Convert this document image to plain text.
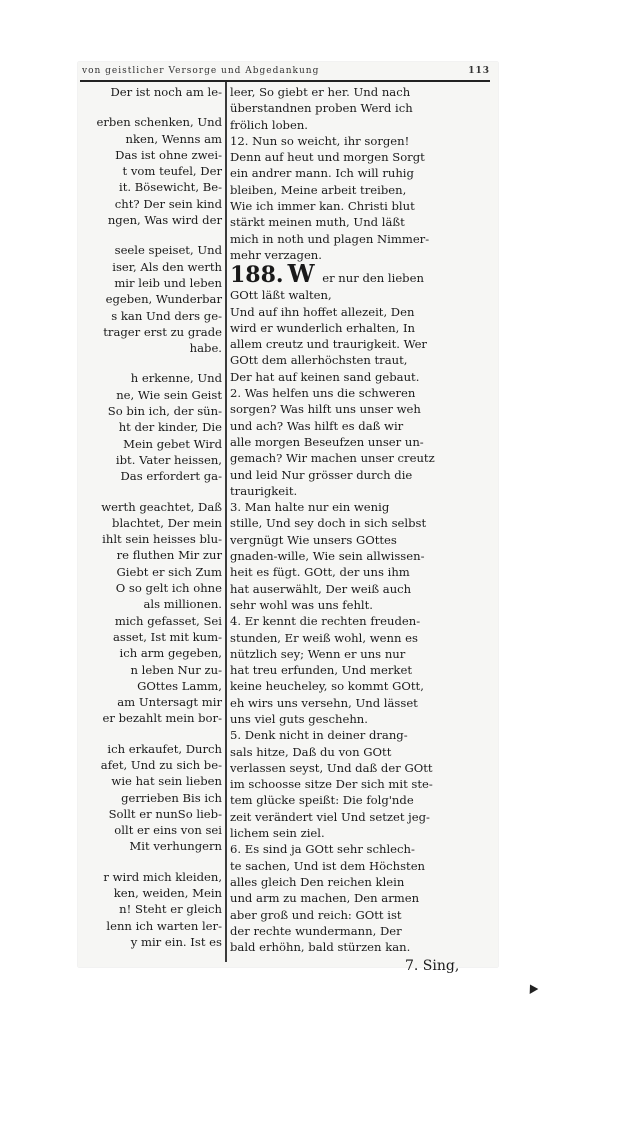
von geistlicher Versorge und Abgedankung	113
Der ist noch am le-
erben schenken, Und
nken, Wenns am
Das ist ohne zwei-
t vom teufel, Der
it. Bösewicht, Be-
cht? Der sein kind
ngen, Was wird der
seele speiset, Und
iser, Als den werth
mir leib und leben
egeben, Wunderbar
s kan Und ders ge-
trager erst zu grade
habe.
h erkenne, Und
ne, Wie sein Geist
So bin ich, der sün-
ht der kinder, Die
Mein gebet Wird
ibt. Vater heissen,
Das erfordert ga-
werth geachtet, Daß
blachtet, Der mein
ihlt sein heisses blu-
re fluthen Mir zur
Giebt er sich Zum
O so gelt ich ohne
als millionen.
mich gefasset, Sei
asset, Ist mit kum-
ich arm gegeben,
n leben Nur zu-
GOttes Lamm,
am Untersagt mir
er bezahlt mein bor-
ich erkaufet, Durch
afet, Und zu sich be-
wie hat sein lieben
gerrieben Bis ich
Sollt er nunSo lieb-
ollt er eins von sei
Mit verhungern
r wird mich kleiden,
ken, weiden, Mein
n! Steht er gleich
lenn ich warten ler-
y mir ein. Ist es
leer, So giebt er her. Und nach
überstandnen proben Werd ich
frölich loben.
12. Nun so weicht, ihr sorgen!
Denn auf heut und morgen Sorgt
ein andrer mann. Ich will ruhig
bleiben, Meine arbeit treiben,
Wie ich immer kan. Christi blut
stärkt meinen muth, Und läßt
mich in noth und plagen Nimmer-
mehr verzagen.
188. W er nur den lieben
GOtt läßt walten,
Und auf ihn hoffet allezeit, Den
wird er wunderlich erhalten, In
allem creutz und traurigkeit. Wer
GOtt dem allerhöchsten traut,
Der hat auf keinen sand gebaut.
2. Was helfen uns die schweren
sorgen? Was hilft uns unser weh
und ach? Was hilft es daß wir
alle morgen Beseufzen unser un-
gemach? Wir machen unser creutz
und leid Nur grösser durch die
traurigkeit.
3. Man halte nur ein wenig
stille, Und sey doch in sich selbst
vergnügt Wie unsers GOttes
gnaden-wille, Wie sein allwissen-
heit es fügt. GOtt, der uns ihm
hat auserwählt, Der weiß auch
sehr wohl was uns fehlt.
4. Er kennt die rechten freuden-
stunden, Er weiß wohl, wenn es
nützlich sey; Wenn er uns nur
hat treu erfunden, Und merket
keine heucheley, so kommt GOtt,
eh wirs uns versehn, Und lässet
uns viel guts geschehn.
5. Denk nicht in deiner drang-
sals hitze, Daß du von GOtt
verlassen seyst, Und daß der GOtt
im schoosse sitze Der sich mit ste-
tem glücke speißt: Die folg'nde
zeit verändert viel Und setzet jeg-
lichem sein ziel.
6. Es sind ja GOtt sehr schlech-
te sachen, Und ist dem Höchsten
alles gleich Den reichen klein
und arm zu machen, Den armen
aber groß und reich: GOtt ist
der rechte wundermann, Der
bald erhöhn, bald stürzen kan.
7. Sing,
